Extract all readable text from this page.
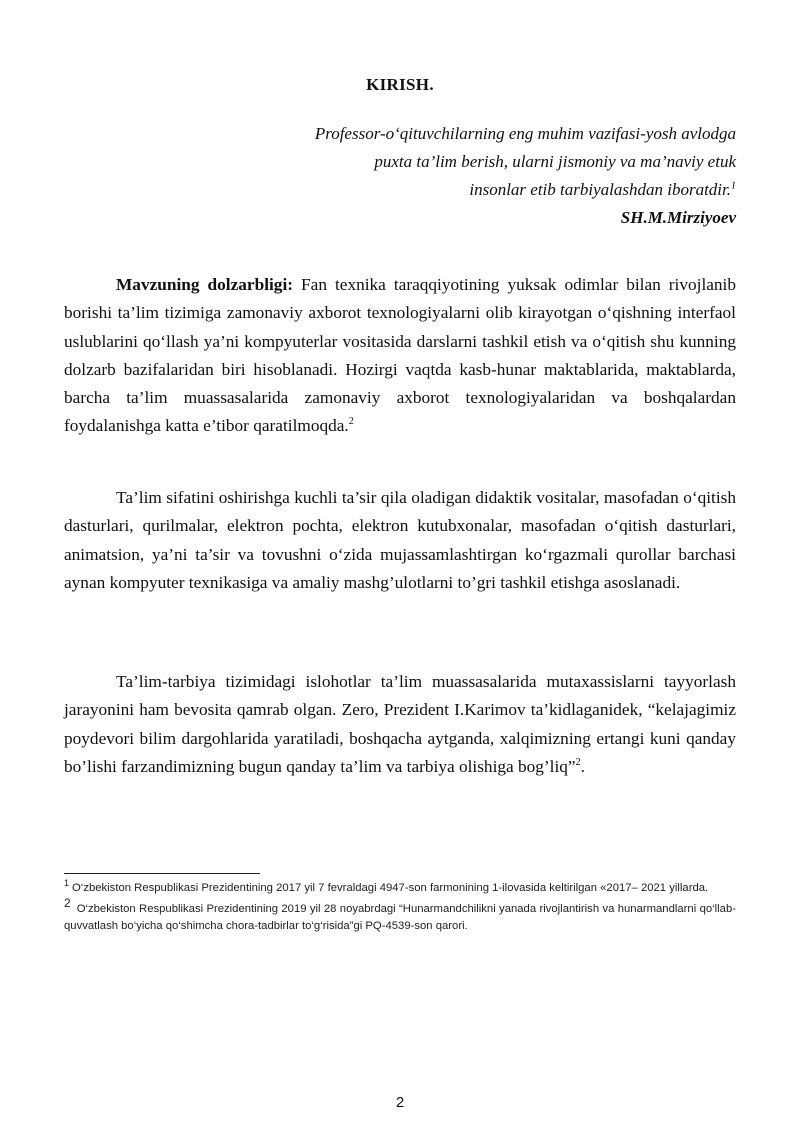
KIRISH.
Professor-o‘qituvchilarning eng muhim vazifasi-yosh avlodga
puxta ta’lim berish, ularni jismoniy va ma’naviy etuk
insonlar etib tarbiyalashdan iboratdir.$^1$
SH.M.Mirziyoev

Mavzuning dolzarbligi: Fan texnika taraqqiyotining yuksak odimlar bilan rivojlanib borishi ta’lim tizimiga zamonaviy axborot texnologiyalarni olib kirayotgan o‘qishning interfaol uslublarini qo‘llash ya’ni kompyuterlar vositasida darslarni tashkil etish va o‘qitish shu kunning dolzarb bazifalaridan biri hisoblanadi. Hozirgi vaqtda kasb-hunar maktablarida, maktablarda, barcha ta’lim muassasalarida zamonaviy axborot texnologiyalaridan va boshqalardan foydalanishga katta e’tibor qaratilmoqda.$^2$

Ta’lim sifatini oshirishga kuchli ta’sir qila oladigan didaktik vositalar, masofadan o‘qitish dasturlari, qurilmalar, elektron pochta, elektron kutubxonalar, masofadan o‘qitish dasturlari, animatsion, ya’ni ta’sir va tovushni o‘zida mujassamlashtirgan ko‘rgazmali qurollar barchasi aynan kompyuter texnikasiga va amaliy mashg’ulotlarni to’gri tashkil etishga asoslanadi.

Ta’lim-tarbiya tizimidagi islohotlar ta’lim muassasalarida mutaxassislarni tayyorlash jarayonini ham bevosita qamrab olgan. Zero, Prezident I.Karimov ta’kidlaganidek, “kelajagimiz poydevori bilim dargohlarida yaratiladi, boshqacha aytganda, xalqimizning ertangi kuni qanday bo’lishi farzandimizning bugun qanday ta’lim va tarbiya olishiga bog’liq”$^2$.

$^1$ O‘zbekiston Respublikasi Prezidentining 2017 yil 7 fevraldagi 4947-son farmonining 1-ilovasida keltirilgan «2017– 2021 yillarda.

2 O‘zbekiston Respublikasi Prezidentining 2019 yil 28 noyabrdagi “Hunarmandchilikni yanada rivojlantirish va hunarmandlarni qo‘llab-quvvatlash bo‘yicha qo‘shimcha chora-tadbirlar to‘g‘risida”gi PQ-4539-son qarori.

2
